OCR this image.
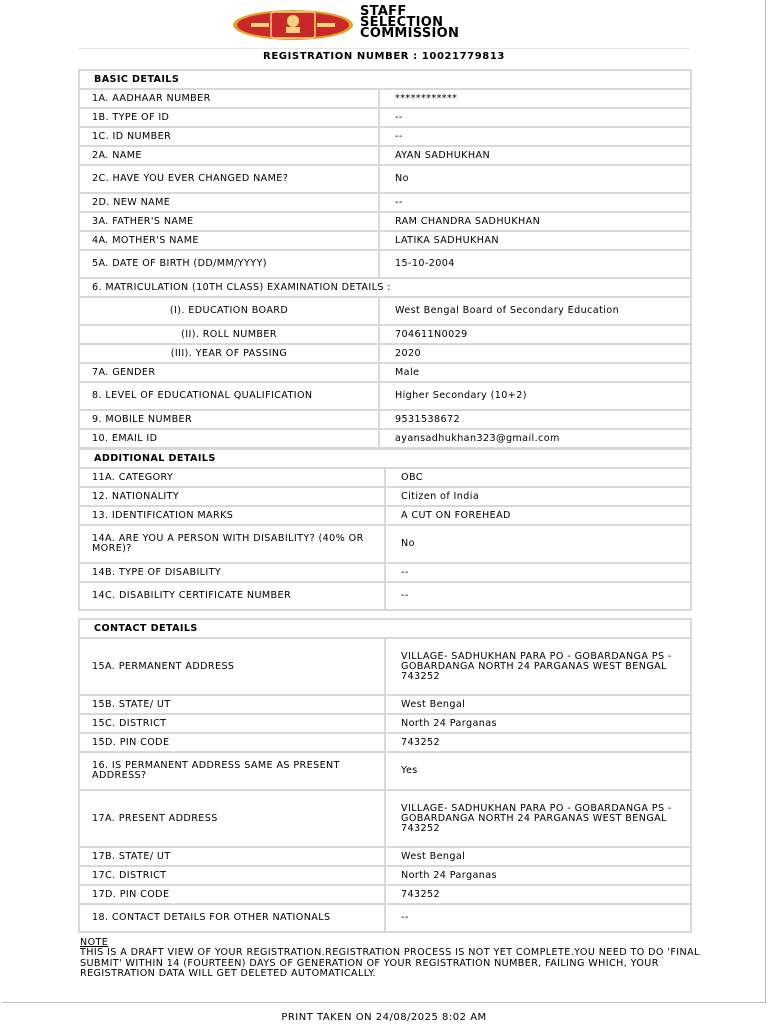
STAFF
SELECTION
COMMISSION
REGISTRATION NUMBER : 1002177981​3
BASIC DETAILS	
1A. AADHAAR NUMBER	************
1B. TYPE OF ID	--
1C. ID NUMBER	--
2A. NAME	AYAN SADHUKHAN
2C. HAVE YOU EVER CHANGED NAME?	No
2D. NEW NAME	--
3A. FATHER'S NAME	RAM CHANDRA SADHUKHAN
4A. MOTHER'S NAME	LATIKA SADHUKHAN
5A. DATE OF BIRTH (DD/MM/YYYY)	15-10-2004
6. MATRICULATION (10TH CLASS) EXAMINATION DETAILS :	
(I). EDUCATION BOARD	West Bengal Board of Secondary Education
(II). ROLL NUMBER	704611N0029
(III). YEAR OF PASSING	2020
7A. GENDER	Male
8. LEVEL OF EDUCATIONAL QUALIFICATION	Higher Secondary (10+2)
9. MOBILE NUMBER	9531538672
10. EMAIL ID	ayansadhukhan323@gmail.com
ADDITIONAL DETAILS	
11A. CATEGORY	OBC
12. NATIONALITY	Citizen of India
13. IDENTIFICATION MARKS	A CUT ON FOREHEAD
14A. ARE YOU A PERSON WITH DISABILITY? (40% OR MORE)?	No
14B. TYPE OF DISABILITY	--
14C. DISABILITY CERTIFICATE NUMBER	--
CONTACT DETAILS	
15A. PERMANENT ADDRESS	VILLAGE- SADHUKHAN PARA PO - GOBARDANGA PS - GOBARDANGA NORTH 24 PARGANAS WEST BENGAL 743252
15B. STATE/ UT	West Bengal
15C. DISTRICT	North 24 Parganas
15D. PIN CODE	743252
16. IS PERMANENT ADDRESS SAME AS PRESENT ADDRESS?	Yes
17A. PRESENT ADDRESS	VILLAGE- SADHUKHAN PARA PO - GOBARDANGA PS - GOBARDANGA NORTH 24 PARGANAS WEST BENGAL 743252
17B. STATE/ UT	West Bengal
17C. DISTRICT	North 24 Parganas
17D. PIN CODE	743252
18. CONTACT DETAILS FOR OTHER NATIONALS	--
NOTE
THIS IS A DRAFT VIEW OF YOUR REGISTRATION.REGISTRATION PROCESS IS NOT YET COMPLETE.YOU NEED TO DO 'FINAL SUBMIT' WITHIN 14 (FOURTEEN) DAYS OF GENERATION OF YOUR REGISTRATION NUMBER, FAILING WHICH, YOUR REGISTRATION DATA WILL GET DELETED AUTOMATICALLY.
PRINT TAKEN ON 24/08/2025 8:02 AM
